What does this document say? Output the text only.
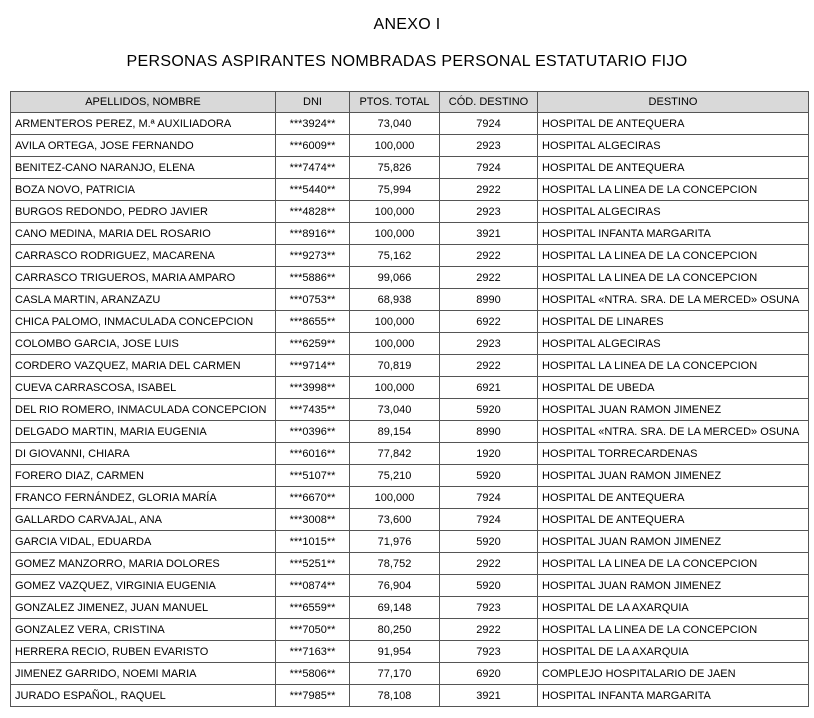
ANEXO I
PERSONAS ASPIRANTES NOMBRADAS PERSONAL ESTATUTARIO FIJO
APELLIDOS, NOMBRE	DNI	PTOS. TOTAL	CÓD. DESTINO	DESTINO
ARMENTEROS PEREZ, M.ª AUXILIADORA	***3924**	73,040	7924	HOSPITAL DE ANTEQUERA
AVILA ORTEGA, JOSE FERNANDO	***6009**	100,000	2923	HOSPITAL ALGECIRAS
BENITEZ-CANO NARANJO, ELENA	***7474**	75,826	7924	HOSPITAL DE ANTEQUERA
BOZA NOVO, PATRICIA	***5440**	75,994	2922	HOSPITAL LA LINEA DE LA CONCEPCION
BURGOS REDONDO, PEDRO JAVIER	***4828**	100,000	2923	HOSPITAL ALGECIRAS
CANO MEDINA, MARIA DEL ROSARIO	***8916**	100,000	3921	HOSPITAL INFANTA MARGARITA
CARRASCO RODRIGUEZ, MACARENA	***9273**	75,162	2922	HOSPITAL LA LINEA DE LA CONCEPCION
CARRASCO TRIGUEROS, MARIA AMPARO	***5886**	99,066	2922	HOSPITAL LA LINEA DE LA CONCEPCION
CASLA MARTIN, ARANZAZU	***0753**	68,938	8990	HOSPITAL «NTRA. SRA. DE LA MERCED» OSUNA
CHICA PALOMO, INMACULADA CONCEPCION	***8655**	100,000	6922	HOSPITAL DE LINARES
COLOMBO GARCIA, JOSE LUIS	***6259**	100,000	2923	HOSPITAL ALGECIRAS
CORDERO VAZQUEZ, MARIA DEL CARMEN	***9714**	70,819	2922	HOSPITAL LA LINEA DE LA CONCEPCION
CUEVA CARRASCOSA, ISABEL	***3998**	100,000	6921	HOSPITAL DE UBEDA
DEL RIO ROMERO, INMACULADA CONCEPCION	***7435**	73,040	5920	HOSPITAL JUAN RAMON JIMENEZ
DELGADO MARTIN, MARIA EUGENIA	***0396**	89,154	8990	HOSPITAL «NTRA. SRA. DE LA MERCED» OSUNA
DI GIOVANNI, CHIARA	***6016**	77,842	1920	HOSPITAL TORRECARDENAS
FORERO DIAZ, CARMEN	***5107**	75,210	5920	HOSPITAL JUAN RAMON JIMENEZ
FRANCO FERNÁNDEZ, GLORIA MARÍA	***6670**	100,000	7924	HOSPITAL DE ANTEQUERA
GALLARDO CARVAJAL, ANA	***3008**	73,600	7924	HOSPITAL DE ANTEQUERA
GARCIA VIDAL, EDUARDA	***1015**	71,976	5920	HOSPITAL JUAN RAMON JIMENEZ
GOMEZ MANZORRO, MARIA DOLORES	***5251**	78,752	2922	HOSPITAL LA LINEA DE LA CONCEPCION
GOMEZ VAZQUEZ, VIRGINIA EUGENIA	***0874**	76,904	5920	HOSPITAL JUAN RAMON JIMENEZ
GONZALEZ JIMENEZ, JUAN MANUEL	***6559**	69,148	7923	HOSPITAL DE LA AXARQUIA
GONZALEZ VERA, CRISTINA	***7050**	80,250	2922	HOSPITAL LA LINEA DE LA CONCEPCION
HERRERA RECIO, RUBEN EVARISTO	***7163**	91,954	7923	HOSPITAL DE LA AXARQUIA
JIMENEZ GARRIDO, NOEMI MARIA	***5806**	77,170	6920	COMPLEJO HOSPITALARIO DE JAEN
JURADO ESPAÑOL, RAQUEL	***7985**	78,108	3921	HOSPITAL INFANTA MARGARITA
